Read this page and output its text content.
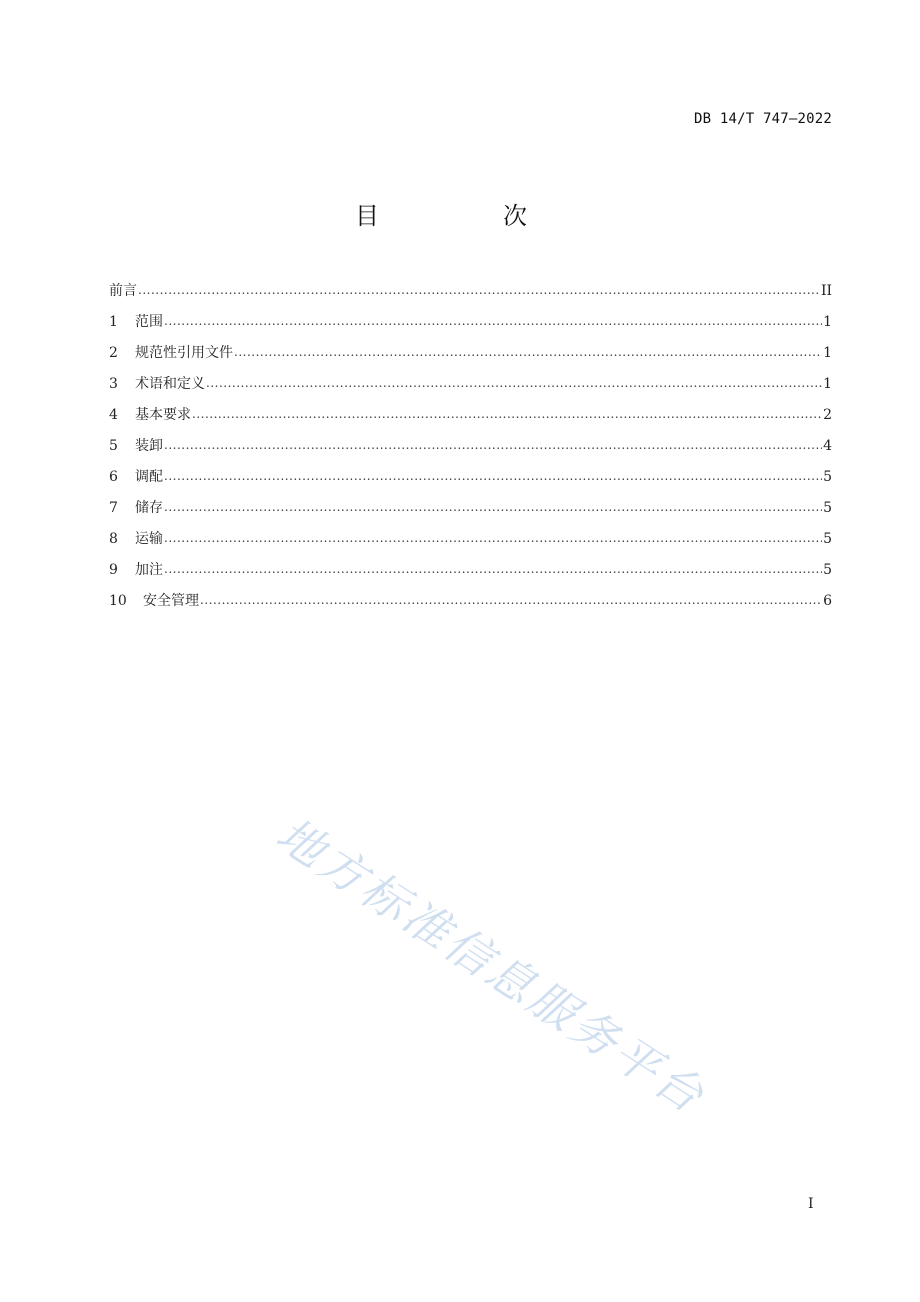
DB 14/T 747—2022
目　次
前言 .....	II
1	范围 .....	1
2	规范性引用文件 .....	1
3	术语和定义 .....	1
4	基本要求 .....	2
5	装卸 .....	4
6	调配 .....	5
7	储存 .....	5
8	运输 .....	5
9	加注 .....	5
10	安全管理 .....	6
地方标准信息服务平台
I
